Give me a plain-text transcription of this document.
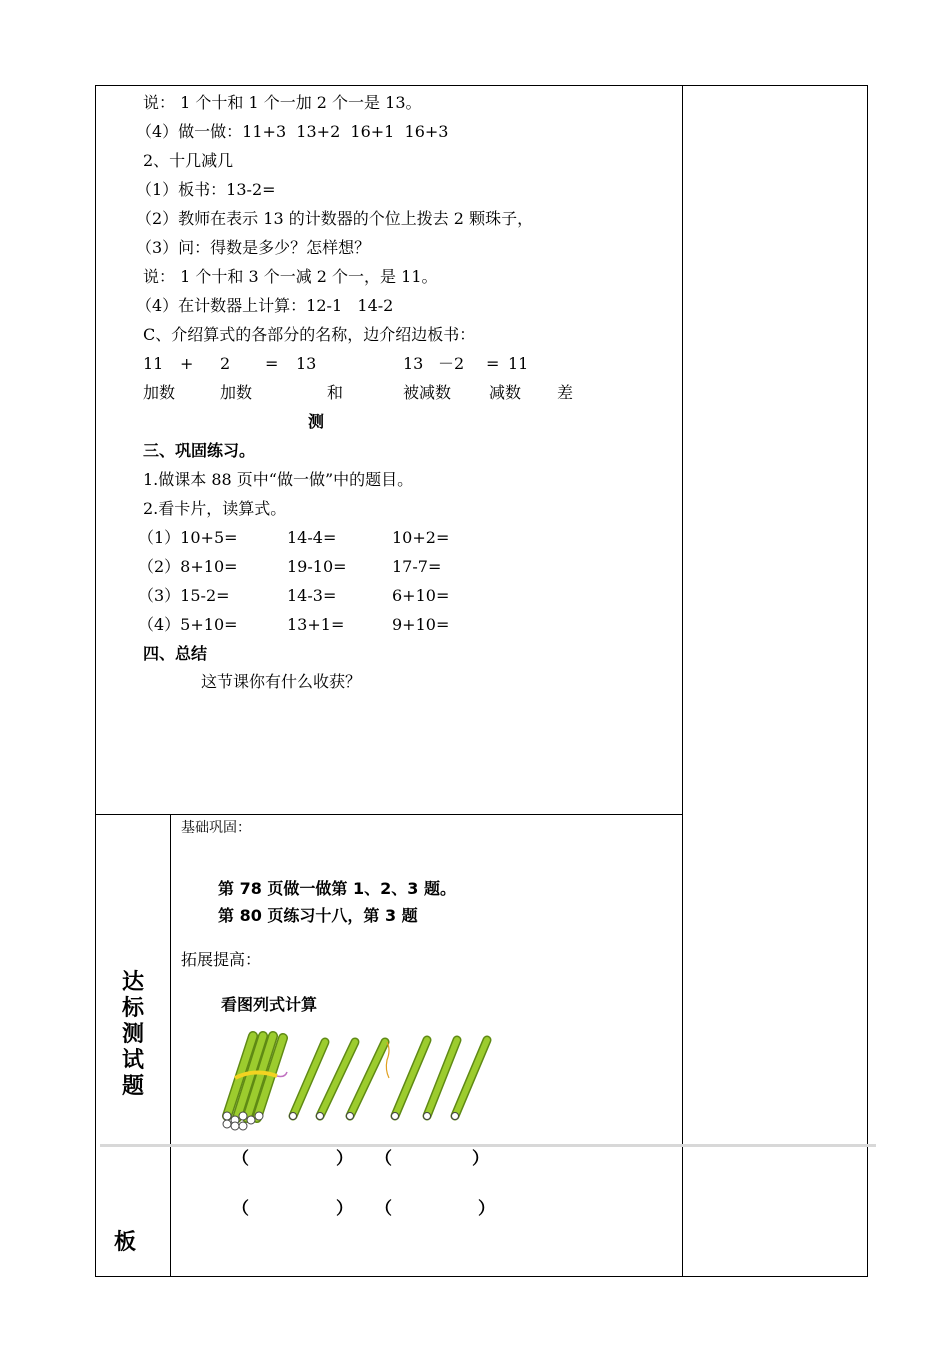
说： 1 个十和 1 个一加 2 个一是 13。
（4）做一做：11+3  13+2  16+1  16+3
2、十几减几
（1）板书：13-2=
（2）教师在表示 13 的计数器的个位上拨去 2 颗珠子，
（3）问：得数是多少？怎样想？
说： 1 个十和 3 个一减 2 个一，是 11。
（4）在计数器上计算：12-1   14-2
C、介绍算式的各部分的名称，边介绍边板书：
11 + 2 = 13	13 －2 = 11
加数	加数	和	被减数 减数 差
测
三、巩固练习。
1.做课本 88 页中“做一做”中的题目。
2.看卡片，读算式。
（1）10+5=	14-4=	10+2=
（2）8+10=	19-10=	17-7=
（3）15-2=	14-3=	6+10=
（4）5+10=	13+1=	9+10=
四、总结
这节课你有什么收获？
达标测试题
基础巩固：
第 78 页做一做第 1、2、3 题。
第 80 页练习十八，第 3 题
拓展提高：
看图列式计算
（	） （	）
（	） （	）
板
